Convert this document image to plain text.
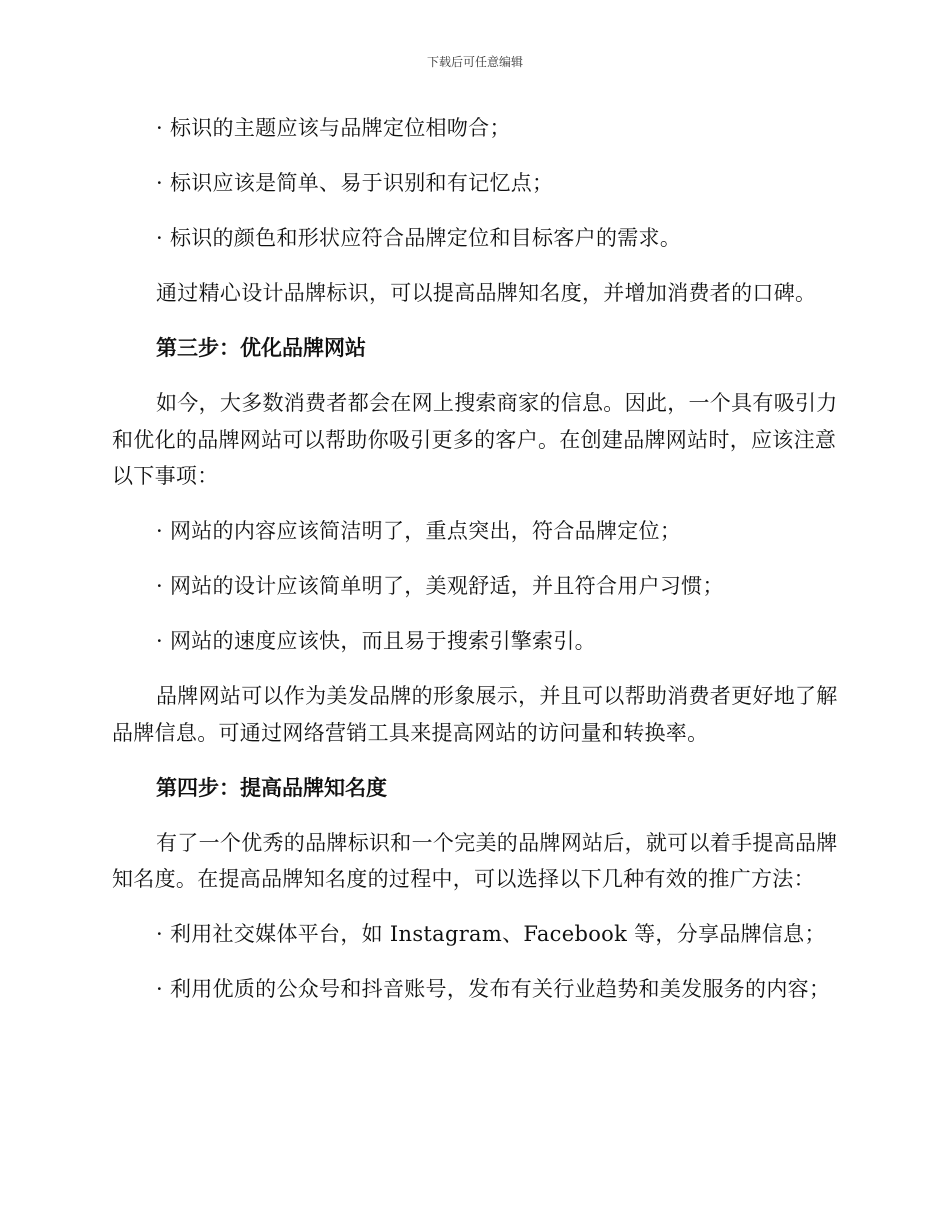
下载后可任意编辑

· 标识的主题应该与品牌定位相吻合；

· 标识应该是简单、易于识别和有记忆点；

· 标识的颜色和形状应符合品牌定位和目标客户的需求。

通过精心设计品牌标识，可以提高品牌知名度，并增加消费者的口碑。

第三步：优化品牌网站

如今，大多数消费者都会在网上搜索商家的信息。因此，一个具有吸引力和优化的品牌网站可以帮助你吸引更多的客户。在创建品牌网站时，应该注意以下事项：

· 网站的内容应该简洁明了，重点突出，符合品牌定位；

· 网站的设计应该简单明了，美观舒适，并且符合用户习惯；

· 网站的速度应该快，而且易于搜索引擎索引。

品牌网站可以作为美发品牌的形象展示，并且可以帮助消费者更好地了解品牌信息。可通过网络营销工具来提高网站的访问量和转换率。

第四步：提高品牌知名度

有了一个优秀的品牌标识和一个完美的品牌网站后，就可以着手提高品牌知名度。在提高品牌知名度的过程中，可以选择以下几种有效的推广方法：

· 利用社交媒体平台，如 Instagram、Facebook 等，分享品牌信息；

· 利用优质的公众号和抖音账号，发布有关行业趋势和美发服务的内容；
